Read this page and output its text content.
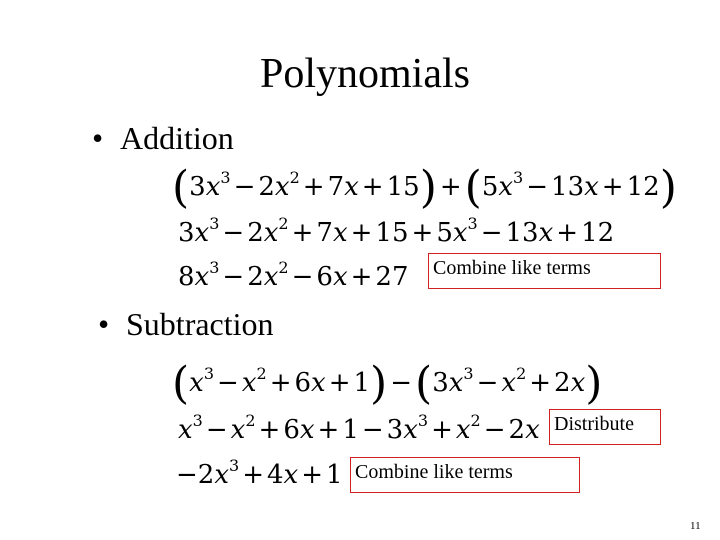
Polynomials
• Addition
$(3x^3 - 2x^2 + 7x + 15) +(5x^3 - 13x + 12)$
$3x^3 - 2x^2 + 7x + 15 + 5x^3 - 13x + 12$
$8x^3 - 2x^2 - 6x + 27$ Combine like terms
• Subtraction
$(x^3 - x^2 + 6x + 1) -(3x^3 - x^2 + 2x)$
$x^3 - x^2 + 6x + 1 - 3x^3 + x^2 - 2x$
$-2x^3 + 4x + 1$
Distribute
Combine like terms
11
